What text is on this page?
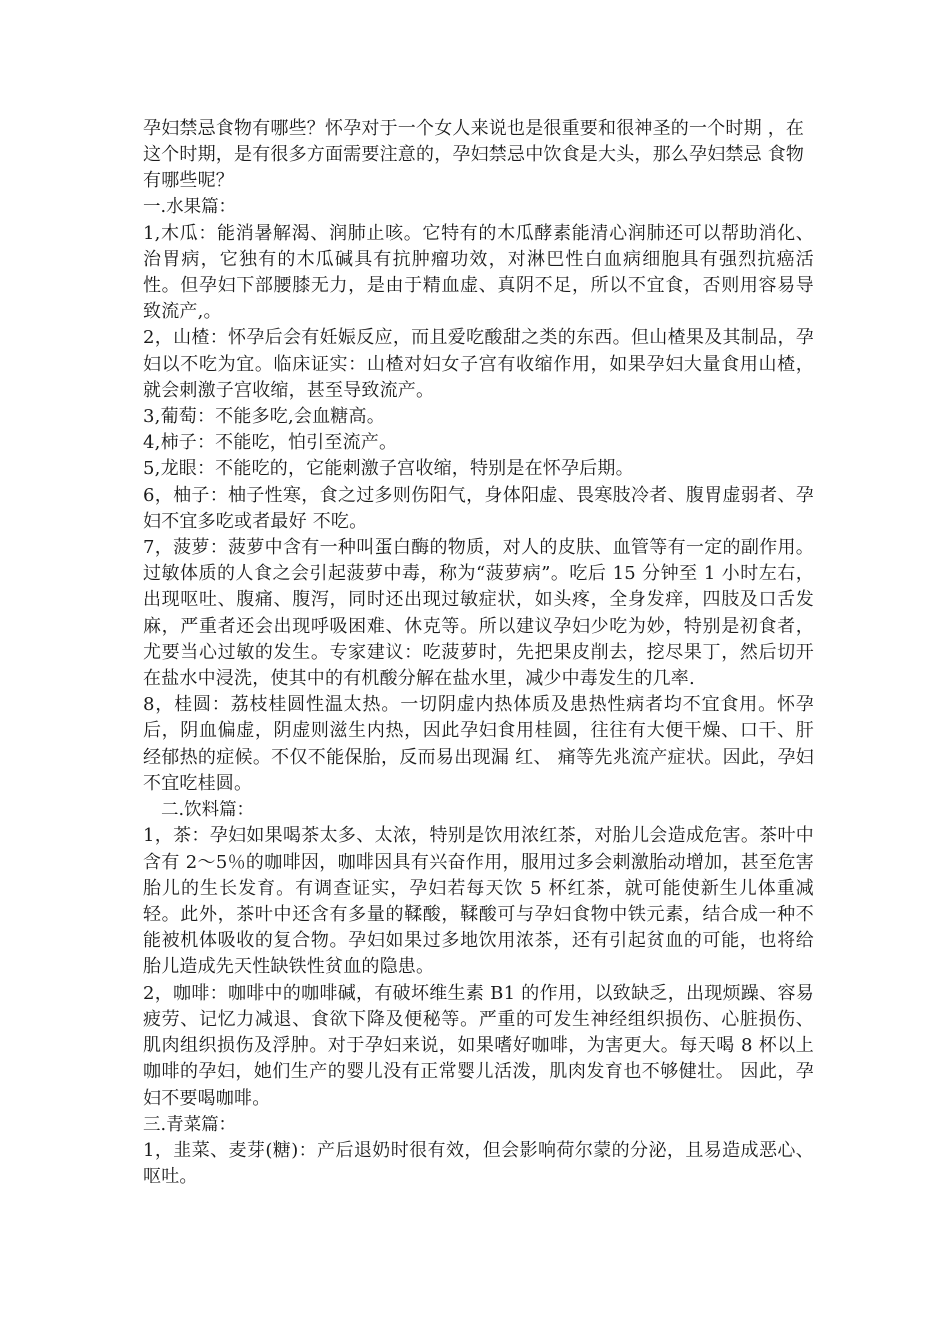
孕妇禁忌食物有哪些？怀孕对于一个女人来说也是很重要和很神圣的一个时期 ，在这个时期，是有很多方面需要注意的，孕妇禁忌中饮食是大头，那么孕妇禁忌 食物有哪些呢？

一.水果篇：

1,木瓜：能消暑解渴、润肺止咳。它特有的木瓜酵素能清心润肺还可以帮助消化、治胃病，它独有的木瓜碱具有抗肿瘤功效，对淋巴性白血病细胞具有强烈抗癌活性。但孕妇下部腰膝无力，是由于精血虚、真阴不足，所以不宜食，否则用容易导致流产,。

2，山楂：怀孕后会有妊娠反应，而且爱吃酸甜之类的东西。但山楂果及其制品，孕妇以不吃为宜。临床证实：山楂对妇女子宫有收缩作用，如果孕妇大量食用山楂，就会刺激子宫收缩，甚至导致流产。

3,葡萄：不能多吃,会血糖高。

4,柿子：不能吃，怕引至流产。

5,龙眼：不能吃的，它能刺激子宫收缩，特别是在怀孕后期。

6，柚子：柚子性寒，食之过多则伤阳气，身体阳虚、畏寒肢冷者、腹胃虚弱者、孕妇不宜多吃或者最好 不吃。

7，菠萝：菠萝中含有一种叫蛋白酶的物质，对人的皮肤、血管等有一定的副作用。过敏体质的人食之会引起菠萝中毒，称为“菠萝病”。吃后 15 分钟至 1 小时左右，出现呕吐、腹痛、腹泻，同时还出现过敏症状，如头疼，全身发痒，四肢及口舌发麻，严重者还会出现呼吸困难、休克等。所以建议孕妇少吃为妙，特别是初食者，尤要当心过敏的发生。专家建议：吃菠萝时，先把果皮削去，挖尽果丁，然后切开在盐水中浸洗，使其中的有机酸分解在盐水里，减少中毒发生的几率.

8，桂圆：荔枝桂圆性温太热。一切阴虚内热体质及患热性病者均不宜食用。怀孕后，阴血偏虚，阴虚则滋生内热，因此孕妇食用桂圆，往往有大便干燥、口干、肝经郁热的症候。不仅不能保胎，反而易出现漏 红、 痛等先兆流产症状。因此，孕妇不宜吃桂圆。

二.饮料篇：

1，茶：孕妇如果喝茶太多、太浓，特别是饮用浓红茶，对胎儿会造成危害。茶叶中含有 2～5％的咖啡因，咖啡因具有兴奋作用，服用过多会刺激胎动增加，甚至危害胎儿的生长发育。有调查证实，孕妇若每天饮 5 杯红茶，就可能使新生儿体重减轻。此外，茶叶中还含有多量的鞣酸，鞣酸可与孕妇食物中铁元素，结合成一种不能被机体吸收的复合物。孕妇如果过多地饮用浓茶，还有引起贫血的可能，也将给胎儿造成先天性缺铁性贫血的隐患。

2，咖啡：咖啡中的咖啡碱，有破坏维生素 B1 的作用，以致缺乏，出现烦躁、容易疲劳、记忆力减退、食欲下降及便秘等。严重的可发生神经组织损伤、心脏损伤、肌肉组织损伤及浮肿。对于孕妇来说，如果嗜好咖啡，为害更大。每天喝 8 杯以上咖啡的孕妇，她们生产的婴儿没有正常婴儿活泼，肌肉发育也不够健壮。 因此，孕妇不要喝咖啡。

三.青菜篇：

1，韭菜、麦芽(糖)：产后退奶时很有效，但会影响荷尔蒙的分泌，且易造成恶心、呕吐。
